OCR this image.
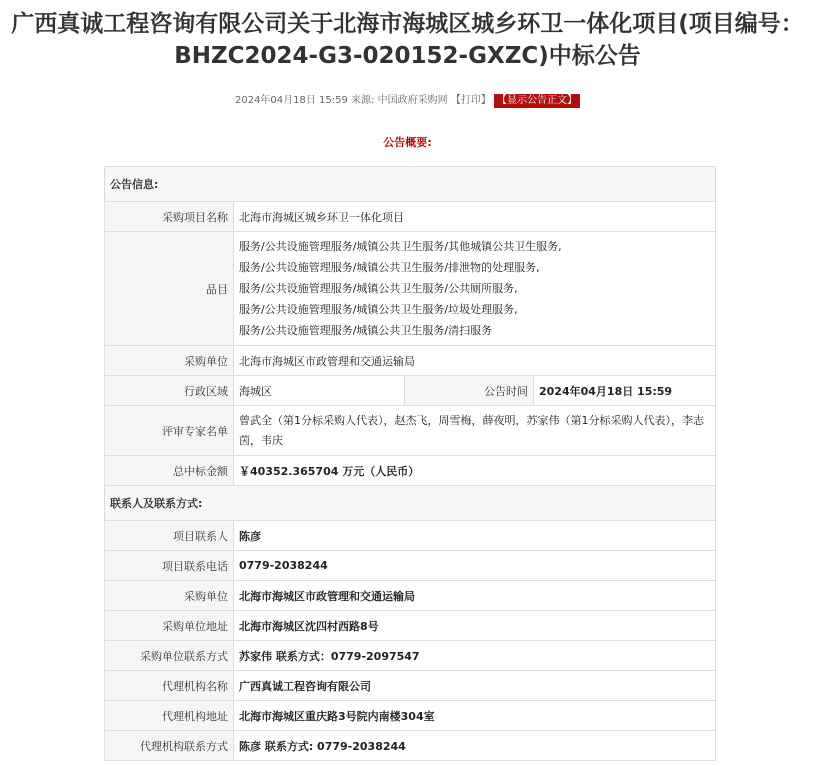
广西真诚工程咨询有限公司关于北海市海城区城乡环卫一体化项目(项目编号：
BHZC2024-G3-020152-GXZC)中标公告
2024年04月18日 15:59 来源: 中国政府采购网 【打印】 【显示公告正文】
公告概要:
公告信息:			
采购项目名称	北海市海城区城乡环卫一体化项目		
品目	服务/公共设施管理服务/城镇公共卫生服务/其他城镇公共卫生服务,
服务/公共设施管理服务/城镇公共卫生服务/排泄物的处理服务,
服务/公共设施管理服务/城镇公共卫生服务/公共厕所服务,
服务/公共设施管理服务/城镇公共卫生服务/垃圾处理服务,
服务/公共设施管理服务/城镇公共卫生服务/清扫服务		

采购单位	北海市海城区市政管理和交通运输局		
行政区域	海城区	公告时间	2024年04月18日 15:59
评审专家名单	曾武全（第1分标采购人代表），赵杰飞，周雪梅，薛夜明，苏家伟（第1分标采购人代表），李志茵，韦庆		
总中标金额	￥40352.365704 万元（人民币）		
联系人及联系方式:			
项目联系人	陈彦		
项目联系电话	0779-2038244		
采购单位	北海市海城区市政管理和交通运输局		
采购单位地址	北海市海城区沈四村西路8号		
采购单位联系方式	苏家伟 联系方式：0779-2097547		
代理机构名称	广西真诚工程咨询有限公司		
代理机构地址	北海市海城区重庆路3号院内南楼304室		
代理机构联系方式	陈彦 联系方式: 0779-2038244		
